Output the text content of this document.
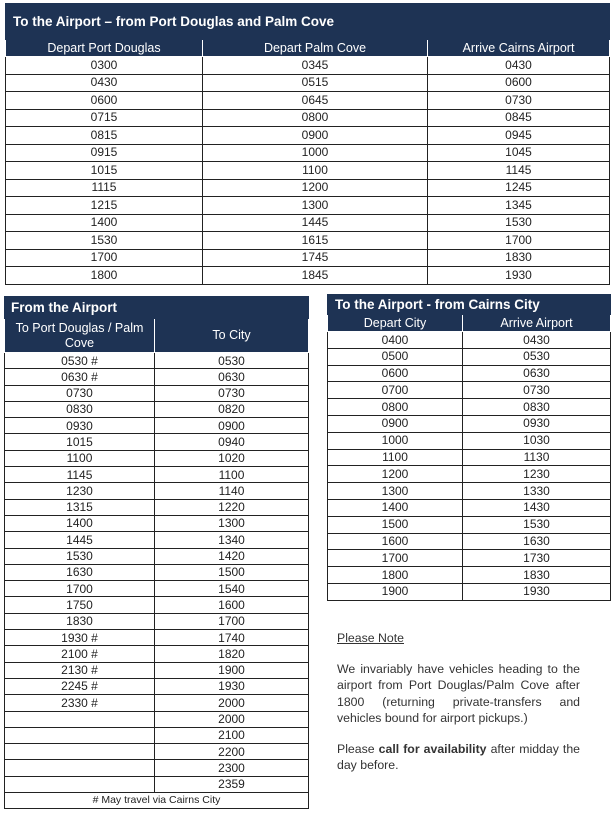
To the Airport – from Port Douglas and Palm Cove		
Depart Port Douglas	Depart Palm Cove	Arrive Cairns Airport
0300	0345	0430
0430	0515	0600
0600	0645	0730
0715	0800	0845
0815	0900	0945
0915	1000	1045
1015	1100	1145
1115	1200	1245
1215	1300	1345
1400	1445	1530
1530	1615	1700
1700	1745	1830
1800	1845	1930
From the Airport	
To Port Douglas / Palm Cove	To City
0530 #	0530
0630 #	0630
0730	0730
0830	0820
0930	0900
1015	0940
1100	1020
1145	1100
1230	1140
1315	1220
1400	1300
1445	1340
1530	1420
1630	1500
1700	1540
1750	1600
1830	1700
1930 #	1740
2100 #	1820
2130 #	1900
2245 #	1930
2330 #	2000
	2000
	2100
	2200
	2300
	2359
# May travel via Cairns City	
To the Airport - from Cairns City	
Depart City	Arrive Airport
0400	0430
0500	0530
0600	0630
0700	0730
0800	0830
0900	0930
1000	1030
1100	1130
1200	1230
1300	1330
1400	1430
1500	1530
1600	1630
1700	1730
1800	1830
1900	1930
Please Note

We invariably have vehicles heading to the airport from Port Douglas/Palm Cove after 1800 (returning private-transfers and vehicles bound for airport pickups.)

Please call for availability after midday the day before.
